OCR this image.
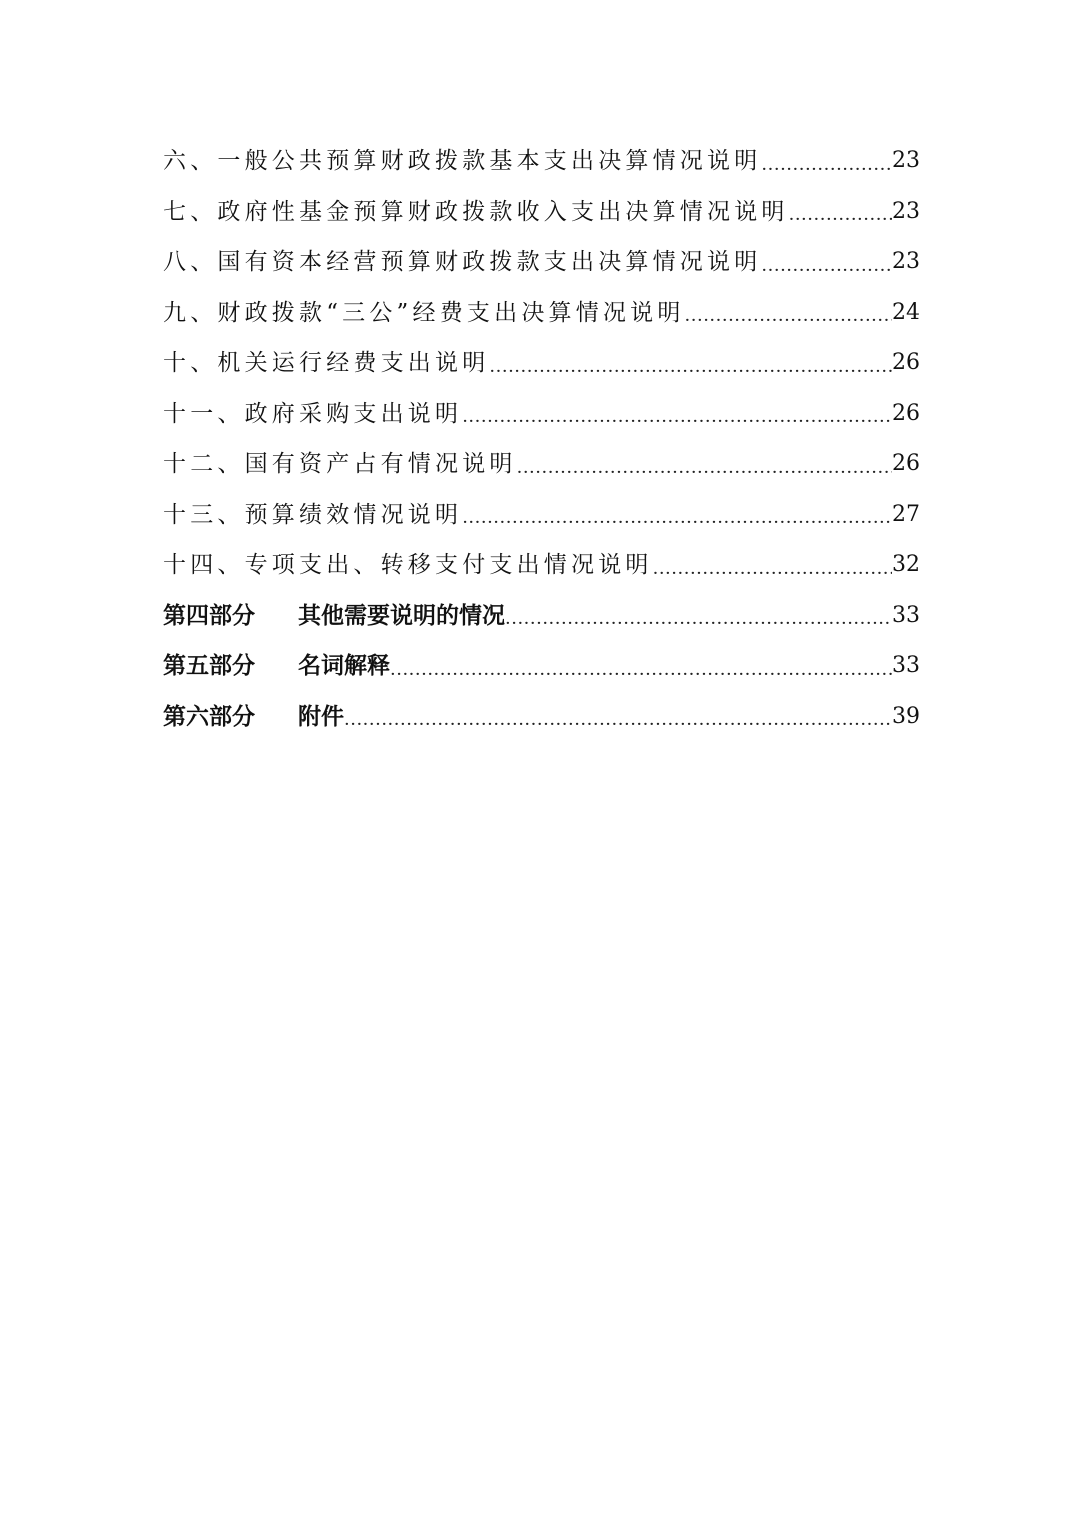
六、一般公共预算财政拨款基本支出决算情况说明 ·····	23
七、政府性基金预算财政拨款收入支出决算情况说明 ·····	23
八、国有资本经营预算财政拨款支出决算情况说明 ·····	23
九、财政拨款“三公”经费支出决算情况说明 ·····	24
十、机关运行经费支出说明 ·····	26
十一、政府采购支出说明 ·····	26
十二、国有资产占有情况说明 ·····	26
十三、预算绩效情况说明 ·····	27
十四、专项支出、转移支付支出情况说明 ·····	32
第四部分 其他需要说明的情况 ·····	33
第五部分 名词解释 ·····	33
第六部分 附件 ·····	39
